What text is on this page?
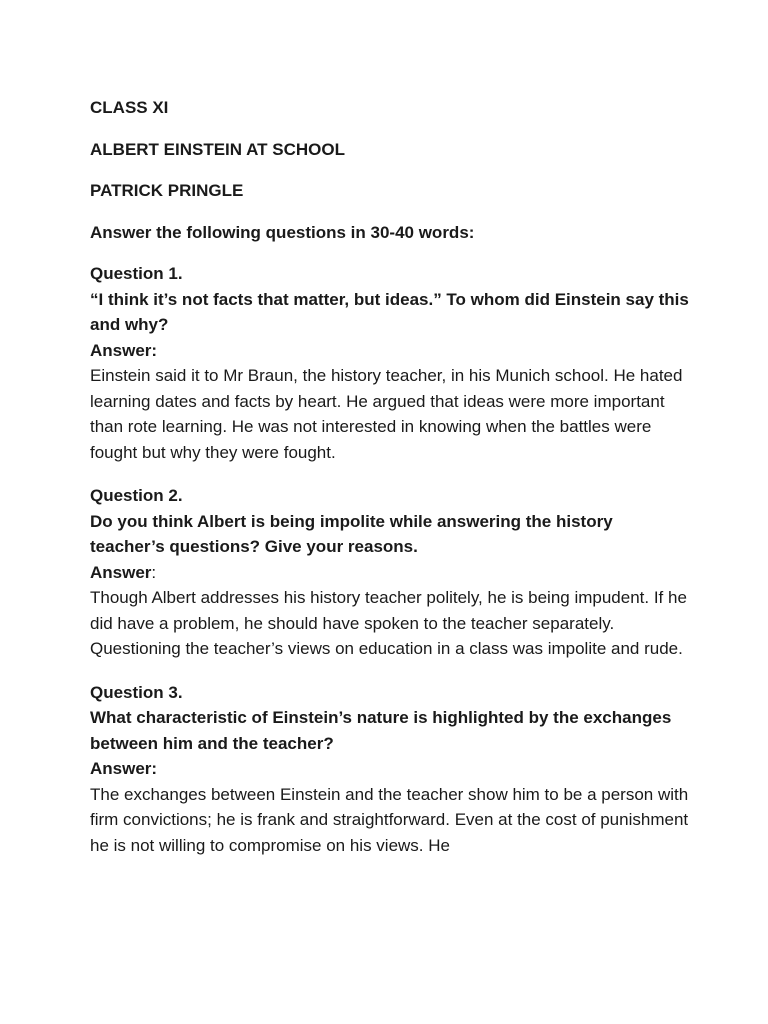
CLASS XI
ALBERT EINSTEIN AT SCHOOL
PATRICK PRINGLE
Answer the following questions in 30-40 words:
Question 1.
“I think it’s not facts that matter, but ideas.” To whom did Einstein say this and why?
Answer:
Einstein said it to Mr Braun, the history teacher, in his Munich school. He hated learning dates and facts by heart. He argued that ideas were more important than rote learning. He was not interested in knowing when the battles were fought but why they were fought.
Question 2.
Do you think Albert is being impolite while answering the history teacher’s questions? Give your reasons.
Answer:
Though Albert addresses his history teacher politely, he is being impudent. If he did have a problem, he should have spoken to the teacher separately. Questioning the teacher’s views on education in a class was impolite and rude.
Question 3.
What characteristic of Einstein’s nature is highlighted by the exchanges between him and the teacher?
Answer:
The exchanges between Einstein and the teacher show him to be a person with firm convictions; he is frank and straightforward. Even at the cost of punishment he is not willing to compromise on his views. He
